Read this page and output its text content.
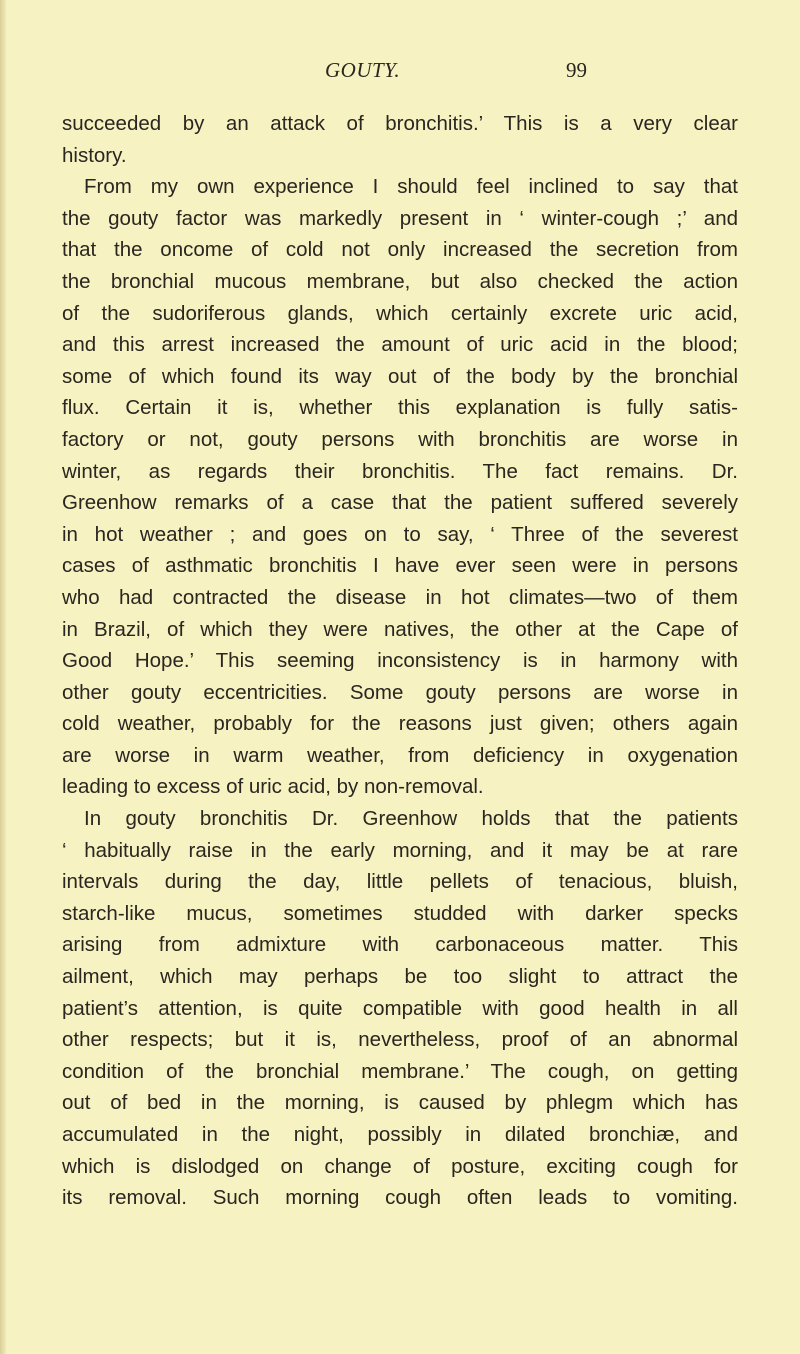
GOUTY.	99
succeeded by an attack of bronchitis.’ This is a very clear
history.
From my own experience I should feel inclined to say that
the gouty factor was markedly present in ‘ winter-cough ;’ and
that the oncome of cold not only increased the secretion from
the bronchial mucous membrane, but also checked the action
of the sudoriferous glands, which certainly excrete uric acid,
and this arrest increased the amount of uric acid in the blood;
some of which found its way out of the body by the bronchial
flux. Certain it is, whether this explanation is fully satis-
factory or not, gouty persons with bronchitis are worse in
winter, as regards their bronchitis. The fact remains. Dr.
Greenhow remarks of a case that the patient suffered severely
in hot weather ; and goes on to say, ‘ Three of the severest
cases of asthmatic bronchitis I have ever seen were in persons
who had contracted the disease in hot climates—two of them
in Brazil, of which they were natives, the other at the Cape of
Good Hope.’ This seeming inconsistency is in harmony with
other gouty eccentricities. Some gouty persons are worse in
cold weather, probably for the reasons just given; others again
are worse in warm weather, from deficiency in oxygenation
leading to excess of uric acid, by non-removal.
In gouty bronchitis Dr. Greenhow holds that the patients
‘ habitually raise in the early morning, and it may be at rare
intervals during the day, little pellets of tenacious, bluish,
starch-like mucus, sometimes studded with darker specks
arising from admixture with carbonaceous matter. This
ailment, which may perhaps be too slight to attract the
patient’s attention, is quite compatible with good health in all
other respects; but it is, nevertheless, proof of an abnormal
condition of the bronchial membrane.’ The cough, on getting
out of bed in the morning, is caused by phlegm which has
accumulated in the night, possibly in dilated bronchiæ, and
which is dislodged on change of posture, exciting cough for
its removal. Such morning cough often leads to vomiting.
